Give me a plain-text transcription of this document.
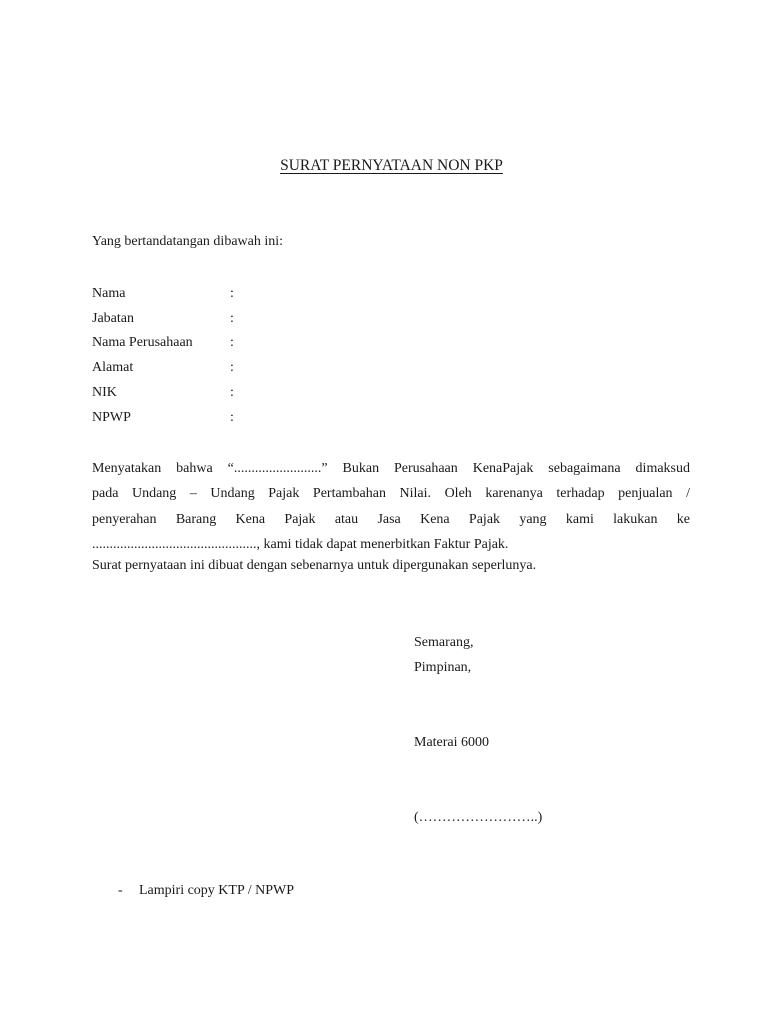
SURAT PERNYATAAN NON PKP
Yang bertandatangan dibawah ini:
Nama	:
Jabatan	:
Nama Perusahaan	:
Alamat	:
NIK	:
NPWP	:
Menyatakan bahwa “.........................” Bukan Perusahaan KenaPajak sebagaimana dimaksud
pada Undang – Undang Pajak Pertambahan Nilai. Oleh karenanya terhadap penjualan /
penyerahan Barang Kena Pajak atau Jasa Kena Pajak yang kami lakukan ke
..............................................., kami tidak dapat menerbitkan Faktur Pajak.
Surat pernyataan ini dibuat dengan sebenarnya untuk dipergunakan seperlunya.
Semarang,
Pimpinan,
Materai 6000
(……………………..)
- Lampiri copy KTP / NPWP
